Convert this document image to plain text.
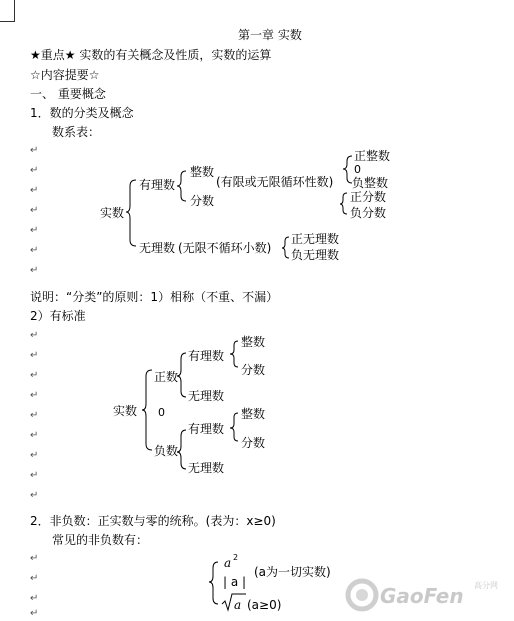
第一章 实数
★重点★ 实数的有关概念及性质，实数的运算
☆内容提要☆
一、 重要概念
1．数的分类及概念
数系表：
↵
↵
↵
↵
↵
↵
↵
实数
有理数
整数
(有限或无限循环性数)
分数
正整数
0
负整数
正分数
负分数
无理数 (无限不循环小数)
正无理数
负无理数
说明：“分类”的原则：1）相称（不重、不漏）
2）有标准
↵
↵
↵
↵
↵
↵
↵
↵
↵
实数
正数
0
负数
有理数
无理数
整数
分数
有理数
无理数
整数
分数
2．非负数：正实数与零的统称。(表为：x≥0)
常见的非负数有：
↵
↵
↵
↵
a 2
| a |
(a为一切实数)
a (a≥0)	GaoFen 高分网
